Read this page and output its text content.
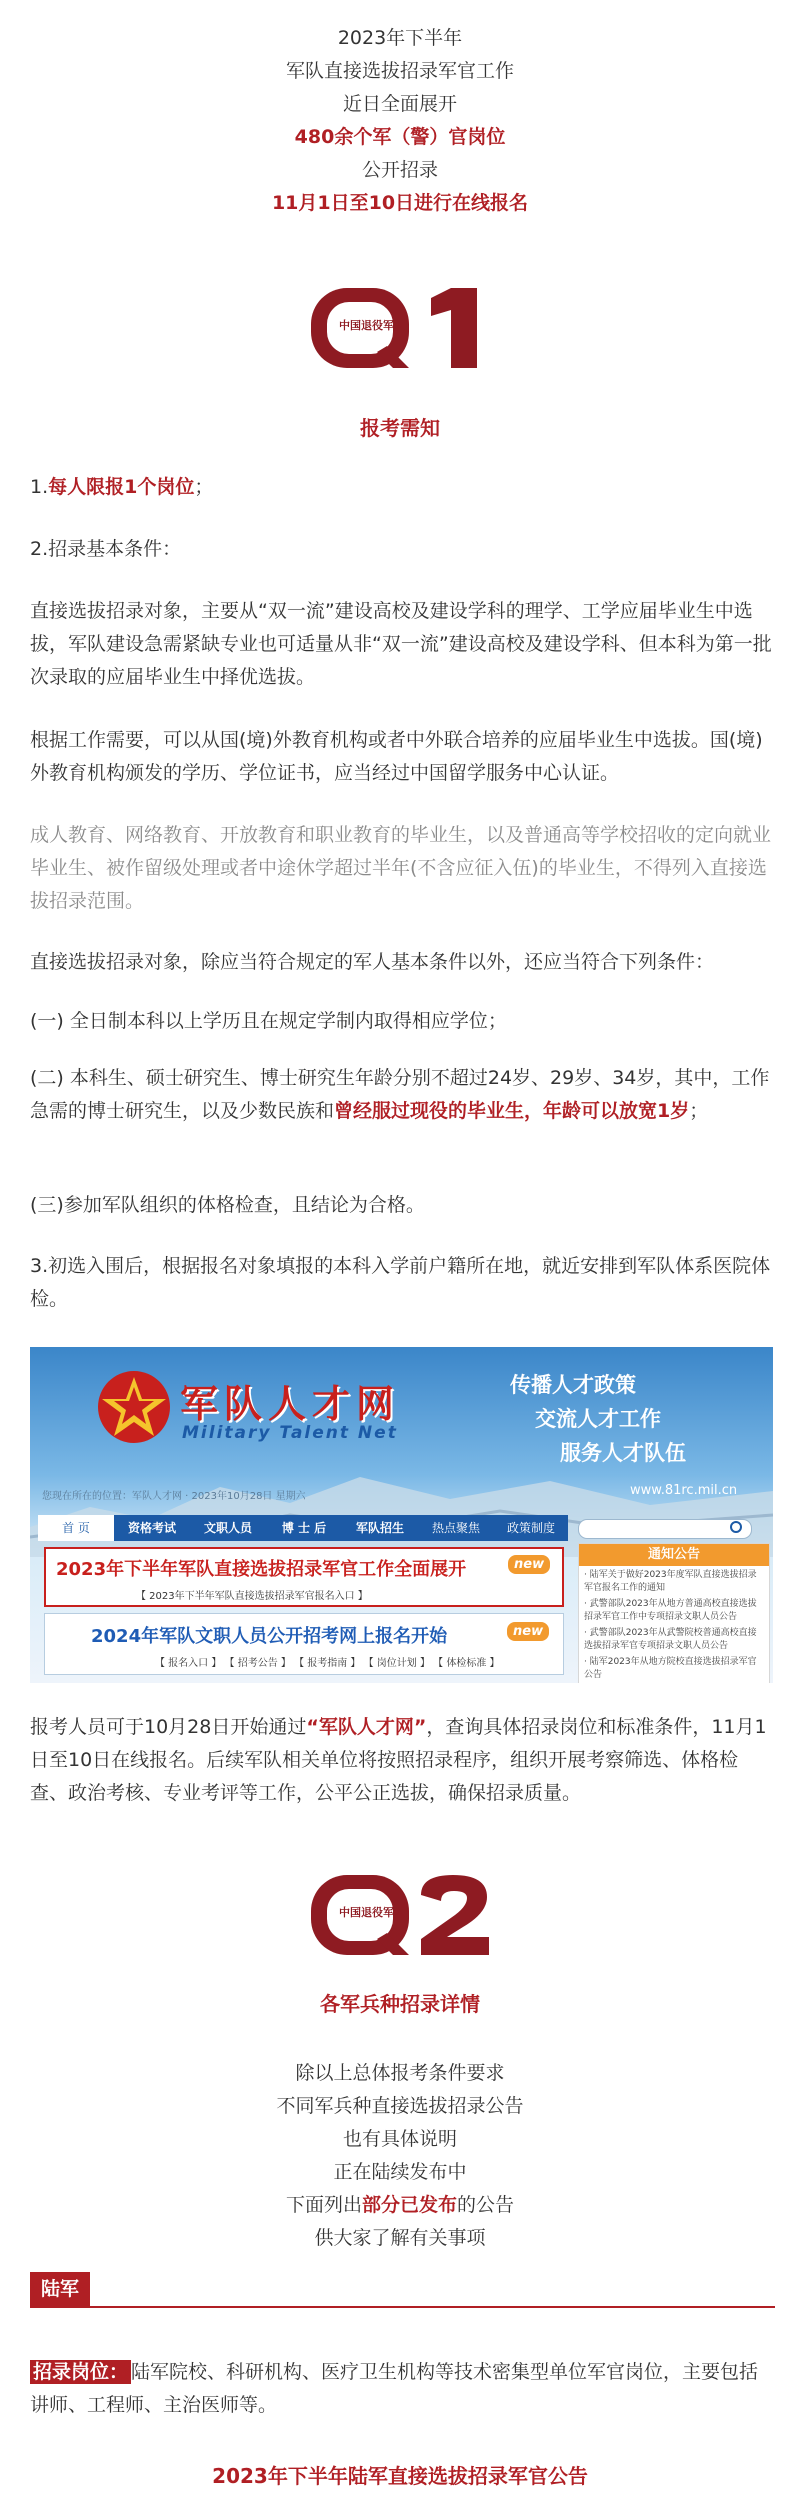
2023年下半年
军队直接选拔招录军官工作
近日全面展开
480余个军（警）官岗位
公开招录
11月1日至10日进行在线报名
中国退役军人
报考需知
1.每人限报1个岗位；
2.招录基本条件：
直接选拔招录对象，主要从“双一流”建设高校及建设学科的理学、工学应届毕业生中选拔，军队建设急需紧缺专业也可适量从非“双一流”建设高校及建设学科、但本科为第一批次录取的应届毕业生中择优选拔。
根据工作需要，可以从国(境)外教育机构或者中外联合培养的应届毕业生中选拔。国(境)外教育机构颁发的学历、学位证书，应当经过中国留学服务中心认证。
成人教育、网络教育、开放教育和职业教育的毕业生，以及普通高等学校招收的定向就业毕业生、被作留级处理或者中途休学超过半年(不含应征入伍)的毕业生，不得列入直接选拔招录范围。
直接选拔招录对象，除应当符合规定的军人基本条件以外，还应当符合下列条件：
(一) 全日制本科以上学历且在规定学制内取得相应学位；
(二) 本科生、硕士研究生、博士研究生年龄分别不超过24岁、29岁、34岁，其中，工作急需的博士研究生，以及少数民族和曾经服过现役的毕业生，年龄可以放宽1岁；
(三)参加军队组织的体格检查，且结论为合格。
3.初选入围后，根据报名对象填报的本科入学前户籍所在地，就近安排到军队体系医院体检。
军队人才网
Military Talent Net
传播人才政策
交流人才工作
服务人才队伍
www.81rc.mil.cn
您现在所在的位置：军队人才网 · 2023年10月28日 星期六
首 页	资格考试	文职人员	博 士 后	军队招生	热点聚焦	政策制度
2023年下半年军队直接选拔招录军官工作全面展开
【 2023年下半年军队直接选拔招录军官报名入口 】
new
2024年军队文职人员公开招考网上报名开始
【 报名入口 】 【 招考公告 】 【 报考指南 】 【 岗位计划 】 【 体检标准 】
new
通知公告
· 陆军关于做好2023年度军队直接选拔招录军官报名工作的通知
· 武警部队2023年从地方普通高校直接选拔招录军官工作中专项招录文职人员公告
· 武警部队2023年从武警院校普通高校直接选拔招录军官专项招录文职人员公告
· 陆军2023年从地方院校直接选拔招录军官公告
报考人员可于10月28日开始通过“军队人才网”，查询具体招录岗位和标准条件，11月1日至10日在线报名。后续军队相关单位将按照招录程序，组织开展考察筛选、体格检查、政治考核、专业考评等工作，公平公正选拔，确保招录质量。
中国退役军人
各军兵种招录详情
除以上总体报考条件要求
不同军兵种直接选拔招录公告
也有具体说明
正在陆续发布中
下面列出部分已发布的公告
供大家了解有关事项
陆军
招录岗位： 陆军院校、科研机构、医疗卫生机构等技术密集型单位军官岗位，主要包括讲师、工程师、主治医师等。
2023年下半年陆军直接选拔招录军官公告
